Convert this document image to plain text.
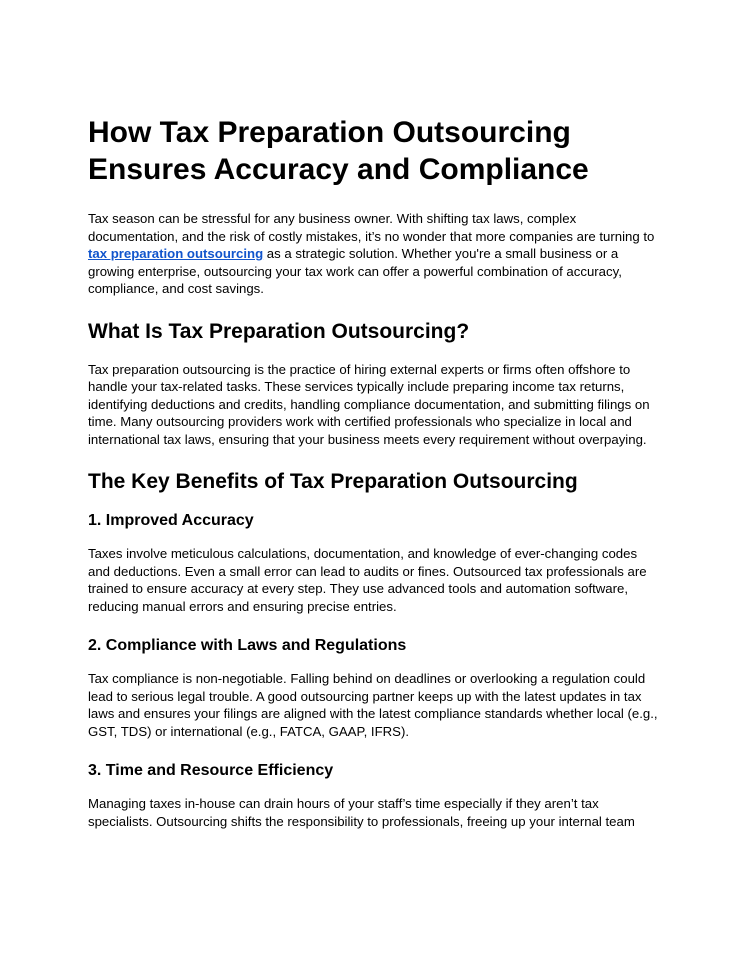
How Tax Preparation Outsourcing Ensures Accuracy and Compliance

Tax season can be stressful for any business owner. With shifting tax laws, complex documentation, and the risk of costly mistakes, it’s no wonder that more companies are turning to tax preparation outsourcing as a strategic solution. Whether you're a small business or a growing enterprise, outsourcing your tax work can offer a powerful combination of accuracy, compliance, and cost savings.

What Is Tax Preparation Outsourcing?

Tax preparation outsourcing is the practice of hiring external experts or firms often offshore to handle your tax-related tasks. These services typically include preparing income tax returns, identifying deductions and credits, handling compliance documentation, and submitting filings on time. Many outsourcing providers work with certified professionals who specialize in local and international tax laws, ensuring that your business meets every requirement without overpaying.

The Key Benefits of Tax Preparation Outsourcing
1. Improved Accuracy

Taxes involve meticulous calculations, documentation, and knowledge of ever-changing codes and deductions. Even a small error can lead to audits or fines. Outsourced tax professionals are trained to ensure accuracy at every step. They use advanced tools and automation software, reducing manual errors and ensuring precise entries.

2. Compliance with Laws and Regulations

Tax compliance is non-negotiable. Falling behind on deadlines or overlooking a regulation could lead to serious legal trouble. A good outsourcing partner keeps up with the latest updates in tax laws and ensures your filings are aligned with the latest compliance standards whether local (e.g., GST, TDS) or international (e.g., FATCA, GAAP, IFRS).

3. Time and Resource Efficiency

Managing taxes in-house can drain hours of your staff’s time especially if they aren’t tax specialists. Outsourcing shifts the responsibility to professionals, freeing up your internal team
